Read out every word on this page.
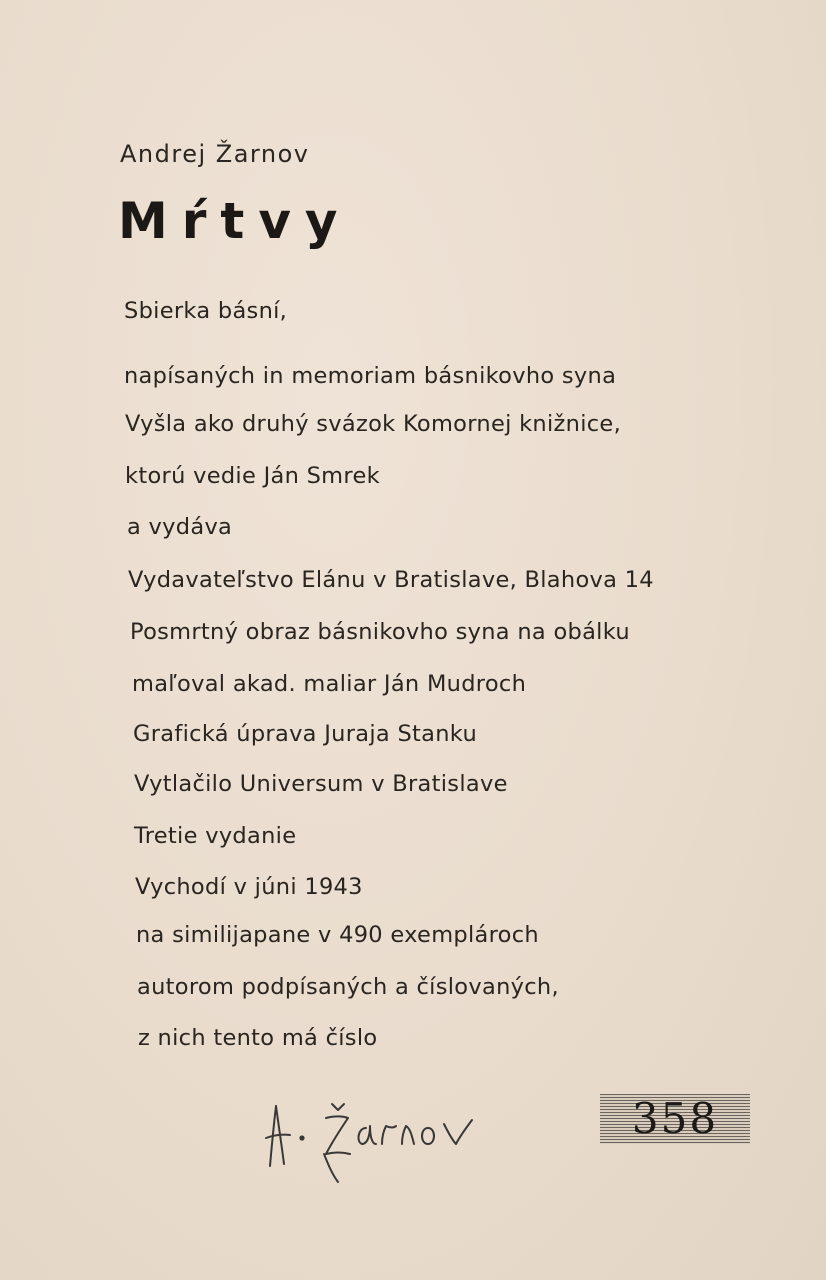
Andrej Žarnov
Mŕtvy
Sbierka básní,
napísaných in memoriam básnikovho syna
Vyšla ako druhý svázok Komornej knižnice,
ktorú vedie Ján Smrek
a vydáva
Vydavateľstvo Elánu v Bratislave, Blahova 14
Posmrtný obraz básnikovho syna na obálku
maľoval akad. maliar Ján Mudroch
Grafická úprava Juraja Stanku
Vytlačilo Universum v Bratislave
Tretie vydanie
Vychodí v júni 1943
na similijapane v 490 exemplároch
autorom podpísaných a číslovaných,
z nich tento má číslo
358
